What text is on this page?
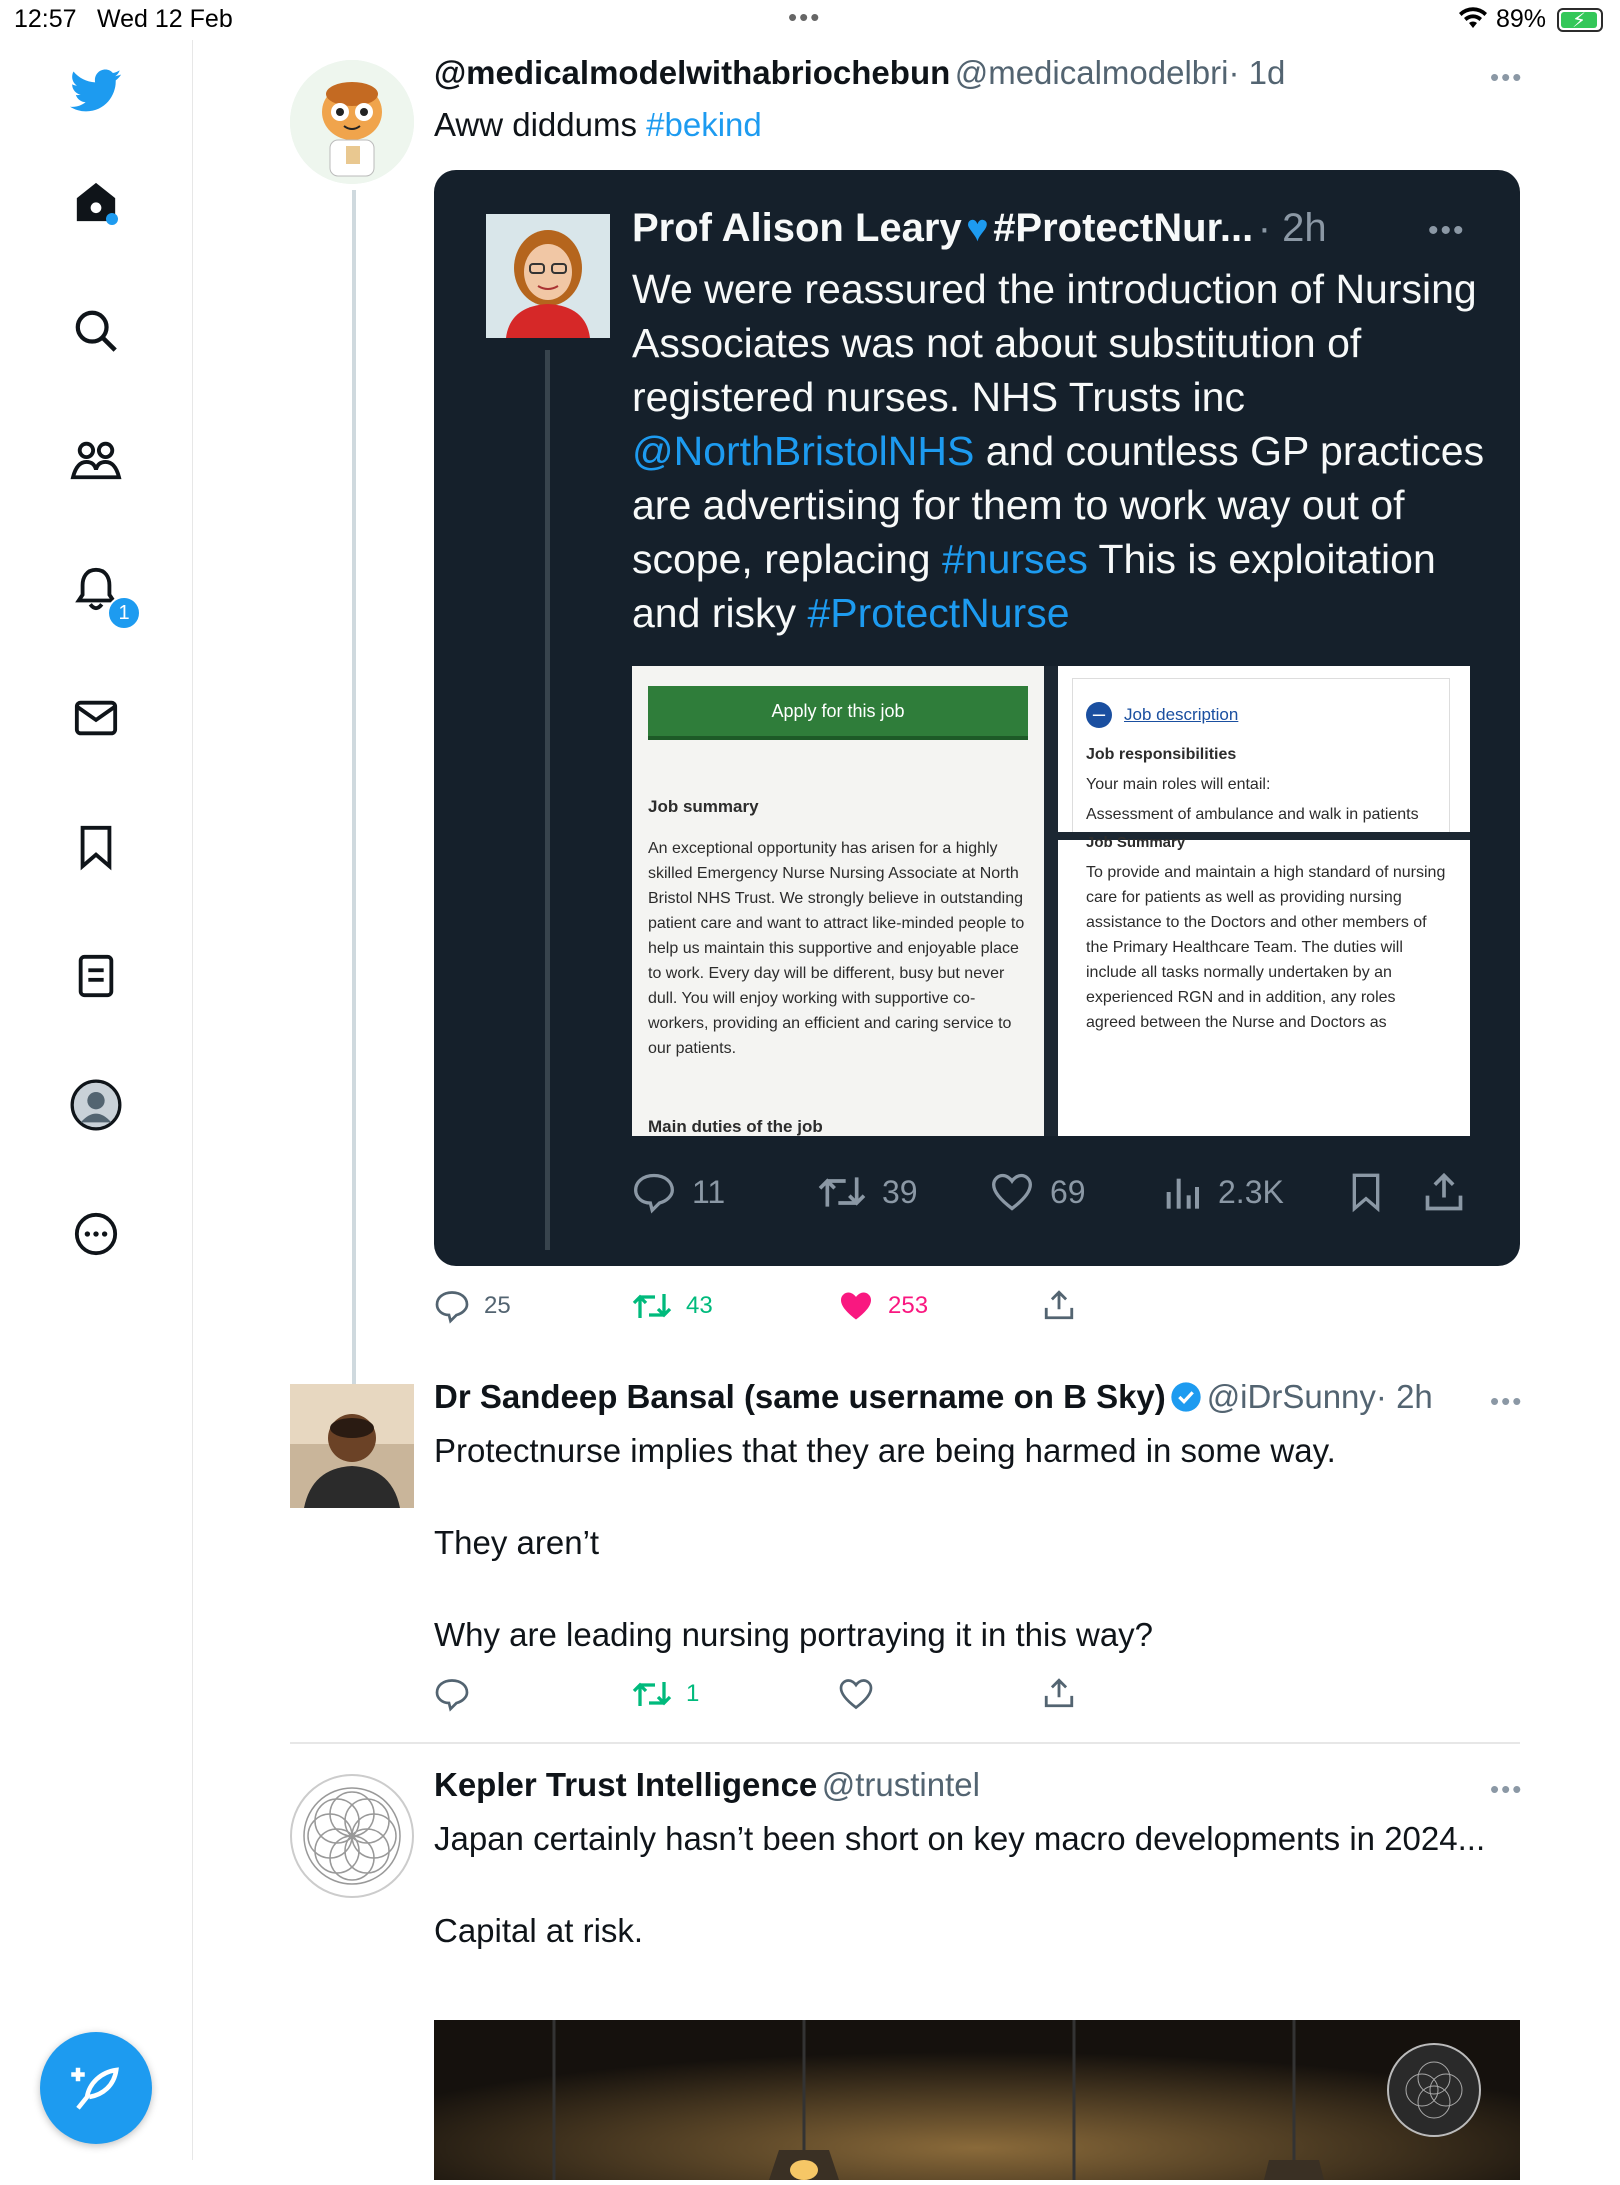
12:57 Wed 12 Feb	•••	89% ⚡
1
@medicalmodelwithabriochebun @medicalmodelbri· 1d	•••
Aww diddums #bekind
Prof Alison Leary ♥ #ProtectNur... · 2h	•••
We were reassured the introduction of Nursing Associates was not about substitution of registered nurses. NHS Trusts inc @NorthBristolNHS and countless GP practices are advertising for them to work way out of scope, replacing #nurses This is exploitation and risky #ProtectNurse
Apply for this job
Job summary
An exceptional opportunity has arisen for a highly skilled Emergency Nurse Nursing Associate at North Bristol NHS Trust. We strongly believe in outstanding patient care and want to attract like-minded people to help us maintain this supportive and enjoyable place to work. Every day will be different, busy but never dull. You will enjoy working with supportive co-workers, providing an efficient and caring service to our patients.
Main duties of the job
–	Job description
Job responsibilities
Your main roles will entail:
Assessment of ambulance and walk in patients
Job Summary
To provide and maintain a high standard of nursing care for patients as well as providing nursing assistance to the Doctors and other members of the Primary Healthcare Team. The duties will include all tasks normally undertaken by an experienced RGN and in addition, any roles agreed between the Nurse and Doctors as
11	39	69	2.3K
25	43	253
Dr Sandeep Bansal (same username on B Sky) @iDrSunny· 2h •••
Protectnurse implies that they are being harmed in some way.

They aren’t

Why are leading nursing portraying it in this way?
1
Kepler Trust Intelligence @trustintel	•••
Japan certainly hasn’t been short on key macro developments in 2024...

Capital at risk.
